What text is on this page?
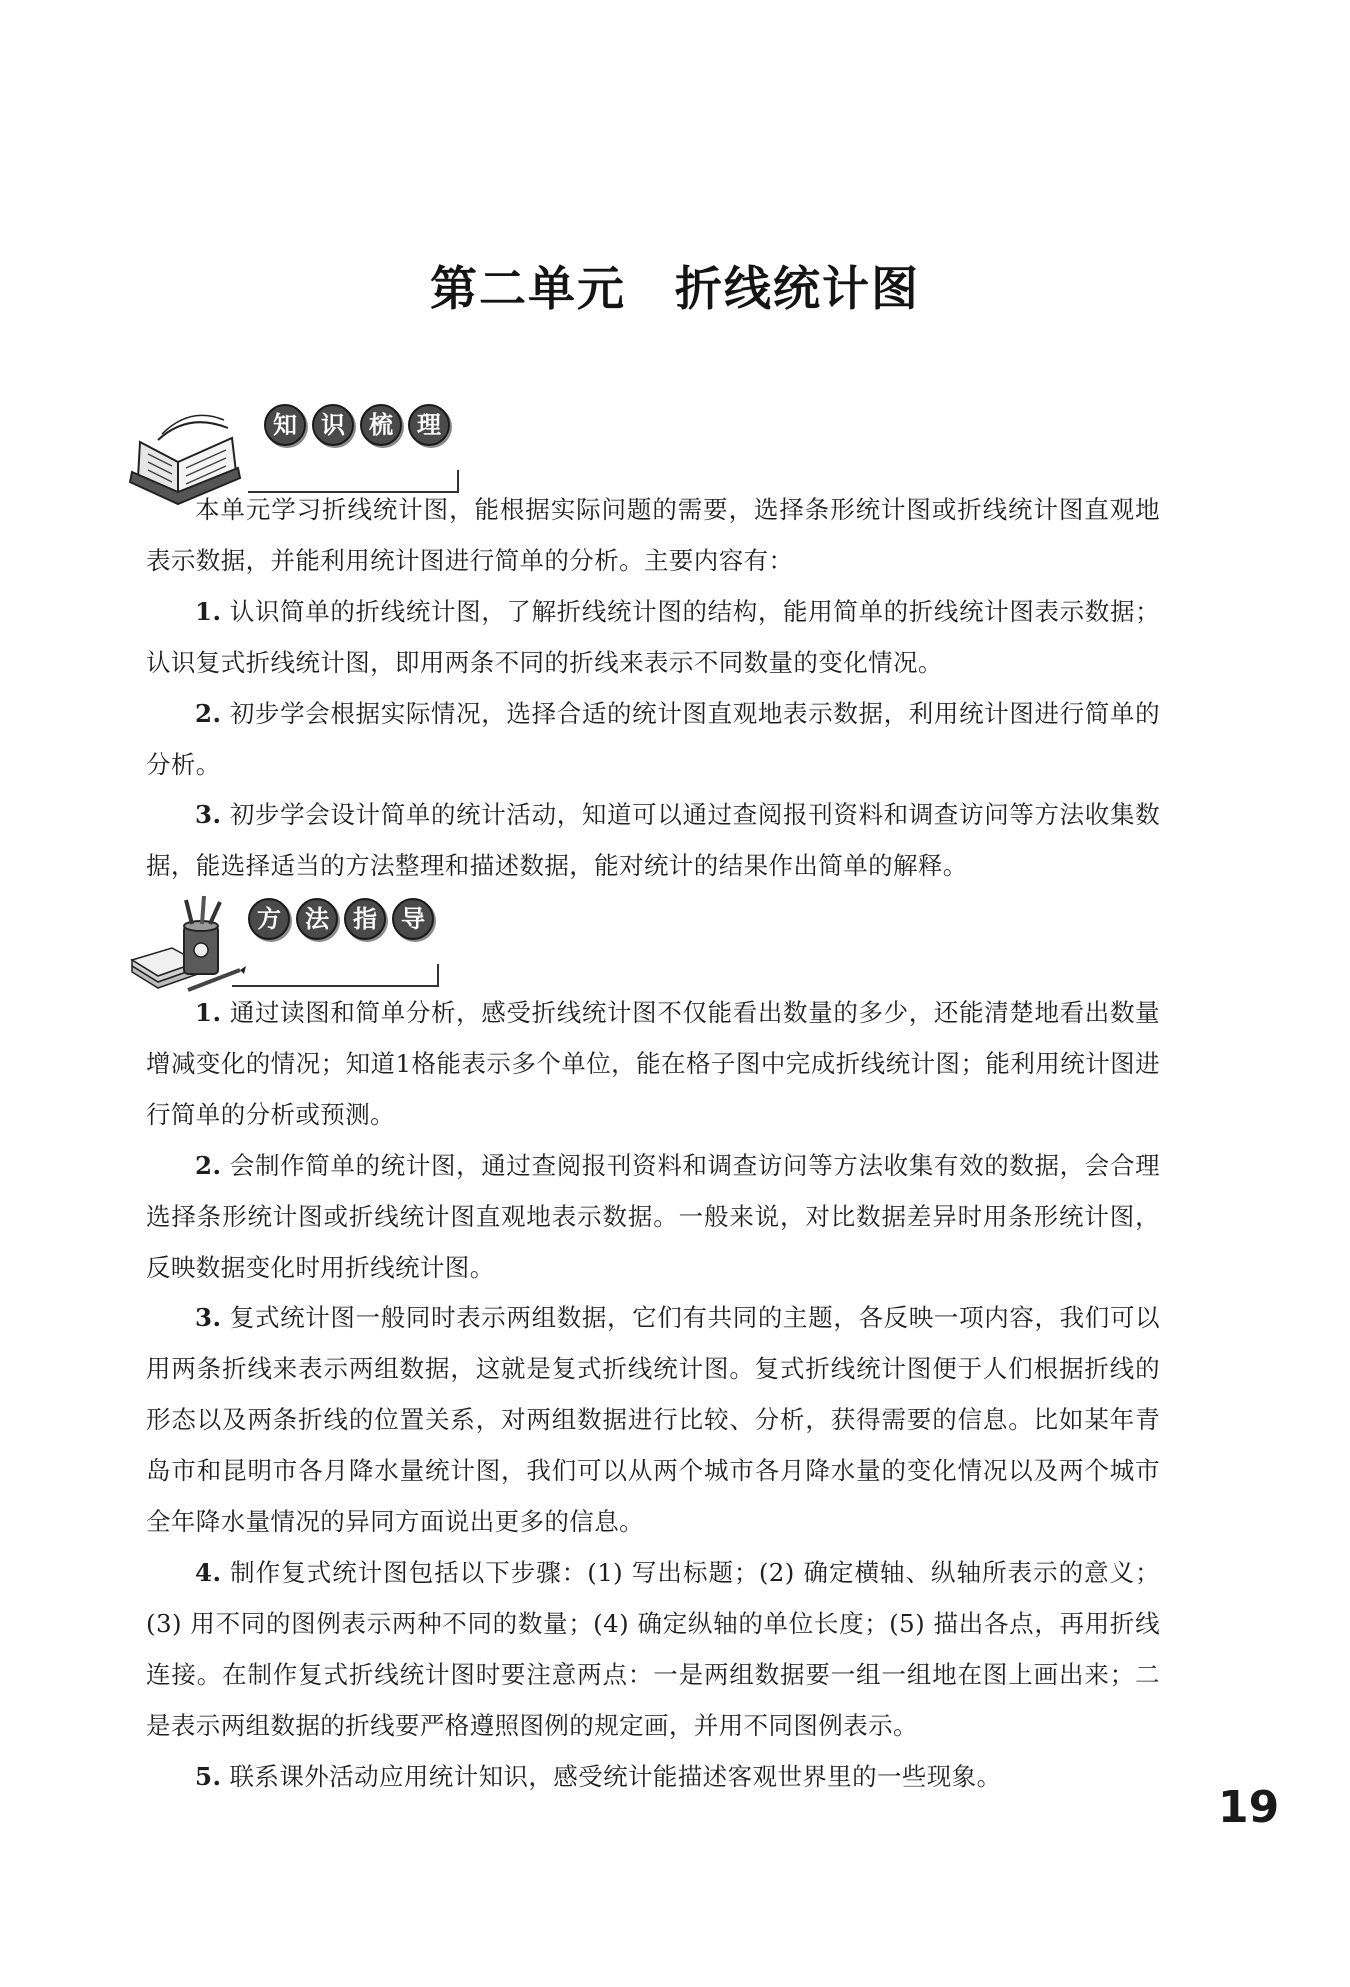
第二单元　折线统计图
知	识	梳	理

本单元学习折线统计图，能根据实际问题的需要，选择条形统计图或折线统计图直观地表示数据，并能利用统计图进行简单的分析。主要内容有：

1. 认识简单的折线统计图，了解折线统计图的结构，能用简单的折线统计图表示数据；认识复式折线统计图，即用两条不同的折线来表示不同数量的变化情况。

2. 初步学会根据实际情况，选择合适的统计图直观地表示数据，利用统计图进行简单的分析。

3. 初步学会设计简单的统计活动，知道可以通过查阅报刊资料和调查访问等方法收集数据，能选择适当的方法整理和描述数据，能对统计的结果作出简单的解释。

方	法	指	导

1. 通过读图和简单分析，感受折线统计图不仅能看出数量的多少，还能清楚地看出数量增减变化的情况；知道1格能表示多个单位，能在格子图中完成折线统计图；能利用统计图进行简单的分析或预测。

2. 会制作简单的统计图，通过查阅报刊资料和调查访问等方法收集有效的数据，会合理选择条形统计图或折线统计图直观地表示数据。一般来说，对比数据差异时用条形统计图，反映数据变化时用折线统计图。

3. 复式统计图一般同时表示两组数据，它们有共同的主题，各反映一项内容，我们可以用两条折线来表示两组数据，这就是复式折线统计图。复式折线统计图便于人们根据折线的形态以及两条折线的位置关系，对两组数据进行比较、分析，获得需要的信息。比如某年青岛市和昆明市各月降水量统计图，我们可以从两个城市各月降水量的变化情况以及两个城市全年降水量情况的异同方面说出更多的信息。

4. 制作复式统计图包括以下步骤：(1) 写出标题；(2) 确定横轴、纵轴所表示的意义；(3) 用不同的图例表示两种不同的数量；(4) 确定纵轴的单位长度；(5) 描出各点，再用折线连接。在制作复式折线统计图时要注意两点：一是两组数据要一组一组地在图上画出来；二是表示两组数据的折线要严格遵照图例的规定画，并用不同图例表示。

5. 联系课外活动应用统计知识，感受统计能描述客观世界里的一些现象。

19
